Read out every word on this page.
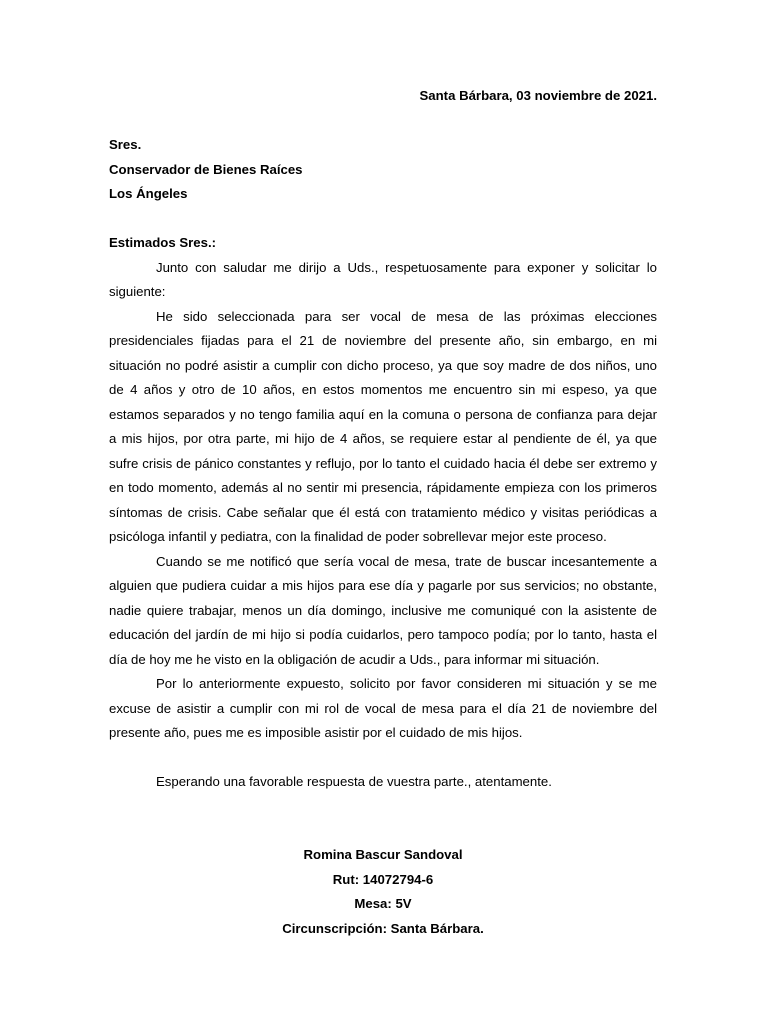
Santa Bárbara, 03 noviembre de 2021.

Sres.
Conservador de Bienes Raíces
Los Ángeles
Estimados Sres.:

Junto con saludar me dirijo a Uds., respetuosamente para exponer y solicitar lo siguiente:

He sido seleccionada para ser vocal de mesa de las próximas elecciones presidenciales fijadas para el 21 de noviembre del presente año, sin embargo, en mi situación no podré asistir a cumplir con dicho proceso, ya que soy madre de dos niños, uno de 4 años y otro de 10 años, en estos momentos me encuentro sin mi espeso, ya que estamos separados y no tengo familia aquí en la comuna o persona de confianza para dejar a mis hijos, por otra parte, mi hijo de 4 años, se requiere estar al pendiente de él, ya que sufre crisis de pánico constantes y reflujo, por lo tanto el cuidado hacia él debe ser extremo y en todo momento, además al no sentir mi presencia, rápidamente empieza con los primeros síntomas de crisis. Cabe señalar que él está con tratamiento médico y visitas periódicas a psicóloga infantil y pediatra, con la finalidad de poder sobrellevar mejor este proceso.

Cuando se me notificó que sería vocal de mesa, trate de buscar incesantemente a alguien que pudiera cuidar a mis hijos para ese día y pagarle por sus servicios; no obstante, nadie quiere trabajar, menos un día domingo, inclusive me comuniqué con la asistente de educación del jardín de mi hijo si podía cuidarlos, pero tampoco podía; por lo tanto, hasta el día de hoy me he visto en la obligación de acudir a Uds., para informar mi situación.

Por lo anteriormente expuesto, solicito por favor consideren mi situación y se me excuse de asistir a cumplir con mi rol de vocal de mesa para el día 21 de noviembre del presente año, pues me es imposible asistir por el cuidado de mis hijos.

Esperando una favorable respuesta de vuestra parte., atentamente.

Romina Bascur Sandoval
Rut: 14072794-6
Mesa: 5V
Circunscripción: Santa Bárbara.
